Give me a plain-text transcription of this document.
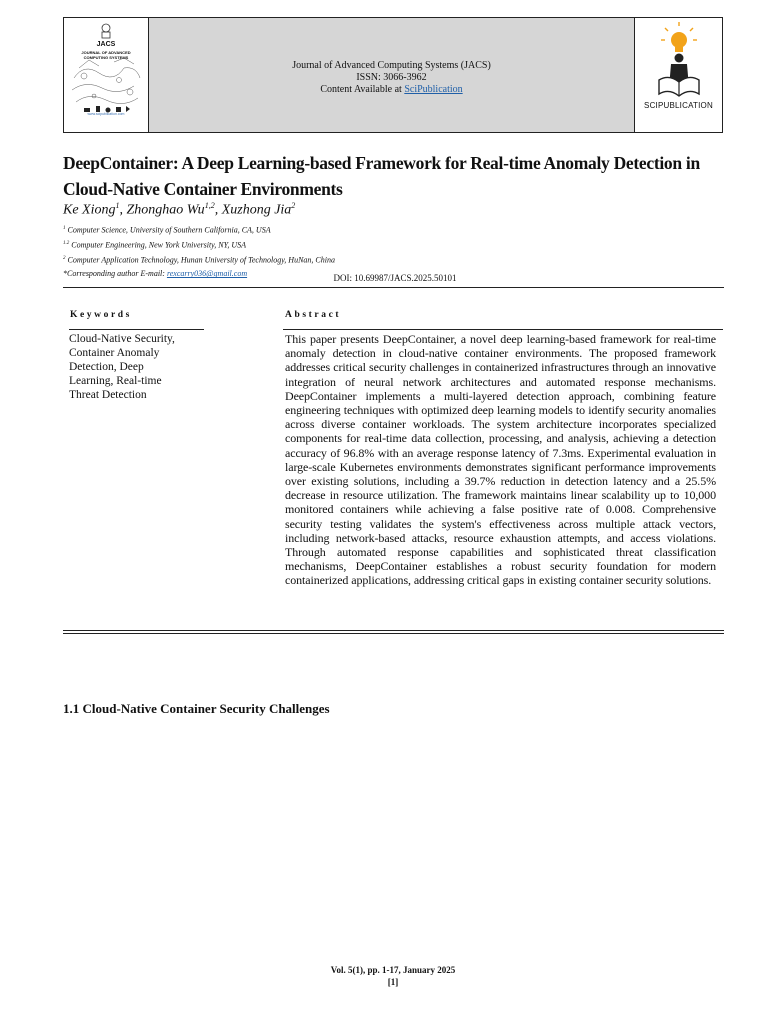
JACS
JOURNAL OF ADVANCED COMPUTING SYSTEMS
www.scipublication.com
Journal of Advanced Computing Systems (JACS)
ISSN: 3066-3962
Content Available at SciPublication
SCIPUBLICATION
DeepContainer: A Deep Learning-based Framework for Real-time Anomaly Detection in Cloud-Native Container Environments
Ke Xiong$^1$, Zhonghao Wu$^{1,2}$, Xuzhong Jia$^2$
$^1$ Computer Science, University of Southern California, CA, USA
$^{1.2}$ Computer Engineering, New York University, NY, USA
$^2$ Computer Application Technology, Hunan University of Technology, HuNan, China
*Corresponding author E-mail: rexcarry036@gmail.com	DOI: 10.69987/JACS.2025.50101
Keywords	Abstract
Cloud-Native Security,
Container Anomaly
Detection, Deep
Learning, Real-time
Threat Detection

This paper presents DeepContainer, a novel deep learning-based framework for real-time anomaly detection in cloud-native container environments. The proposed framework addresses critical security challenges in containerized infrastructures through an innovative integration of neural network architectures and automated response mechanisms. DeepContainer implements a multi-layered detection approach, combining feature engineering techniques with optimized deep learning models to identify security anomalies across diverse container workloads. The system architecture incorporates specialized components for real-time data collection, processing, and analysis, achieving a detection accuracy of 96.8% with an average response latency of 7.3ms. Experimental evaluation in large-scale Kubernetes environments demonstrates significant performance improvements over existing solutions, including a 39.7% reduction in detection latency and a 25.5% decrease in resource utilization. The framework maintains linear scalability up to 10,000 monitored containers while achieving a false positive rate of 0.008. Comprehensive security testing validates the system's effectiveness across multiple attack vectors, including network-based attacks, resource exhaustion attempts, and access violations. Through automated response capabilities and sophisticated threat classification mechanisms, DeepContainer establishes a robust security foundation for modern containerized applications, addressing critical gaps in existing container security solutions.

1.1 Cloud-Native Container Security Challenges
Vol. 5(1), pp. 1-17, January 2025
[1]
